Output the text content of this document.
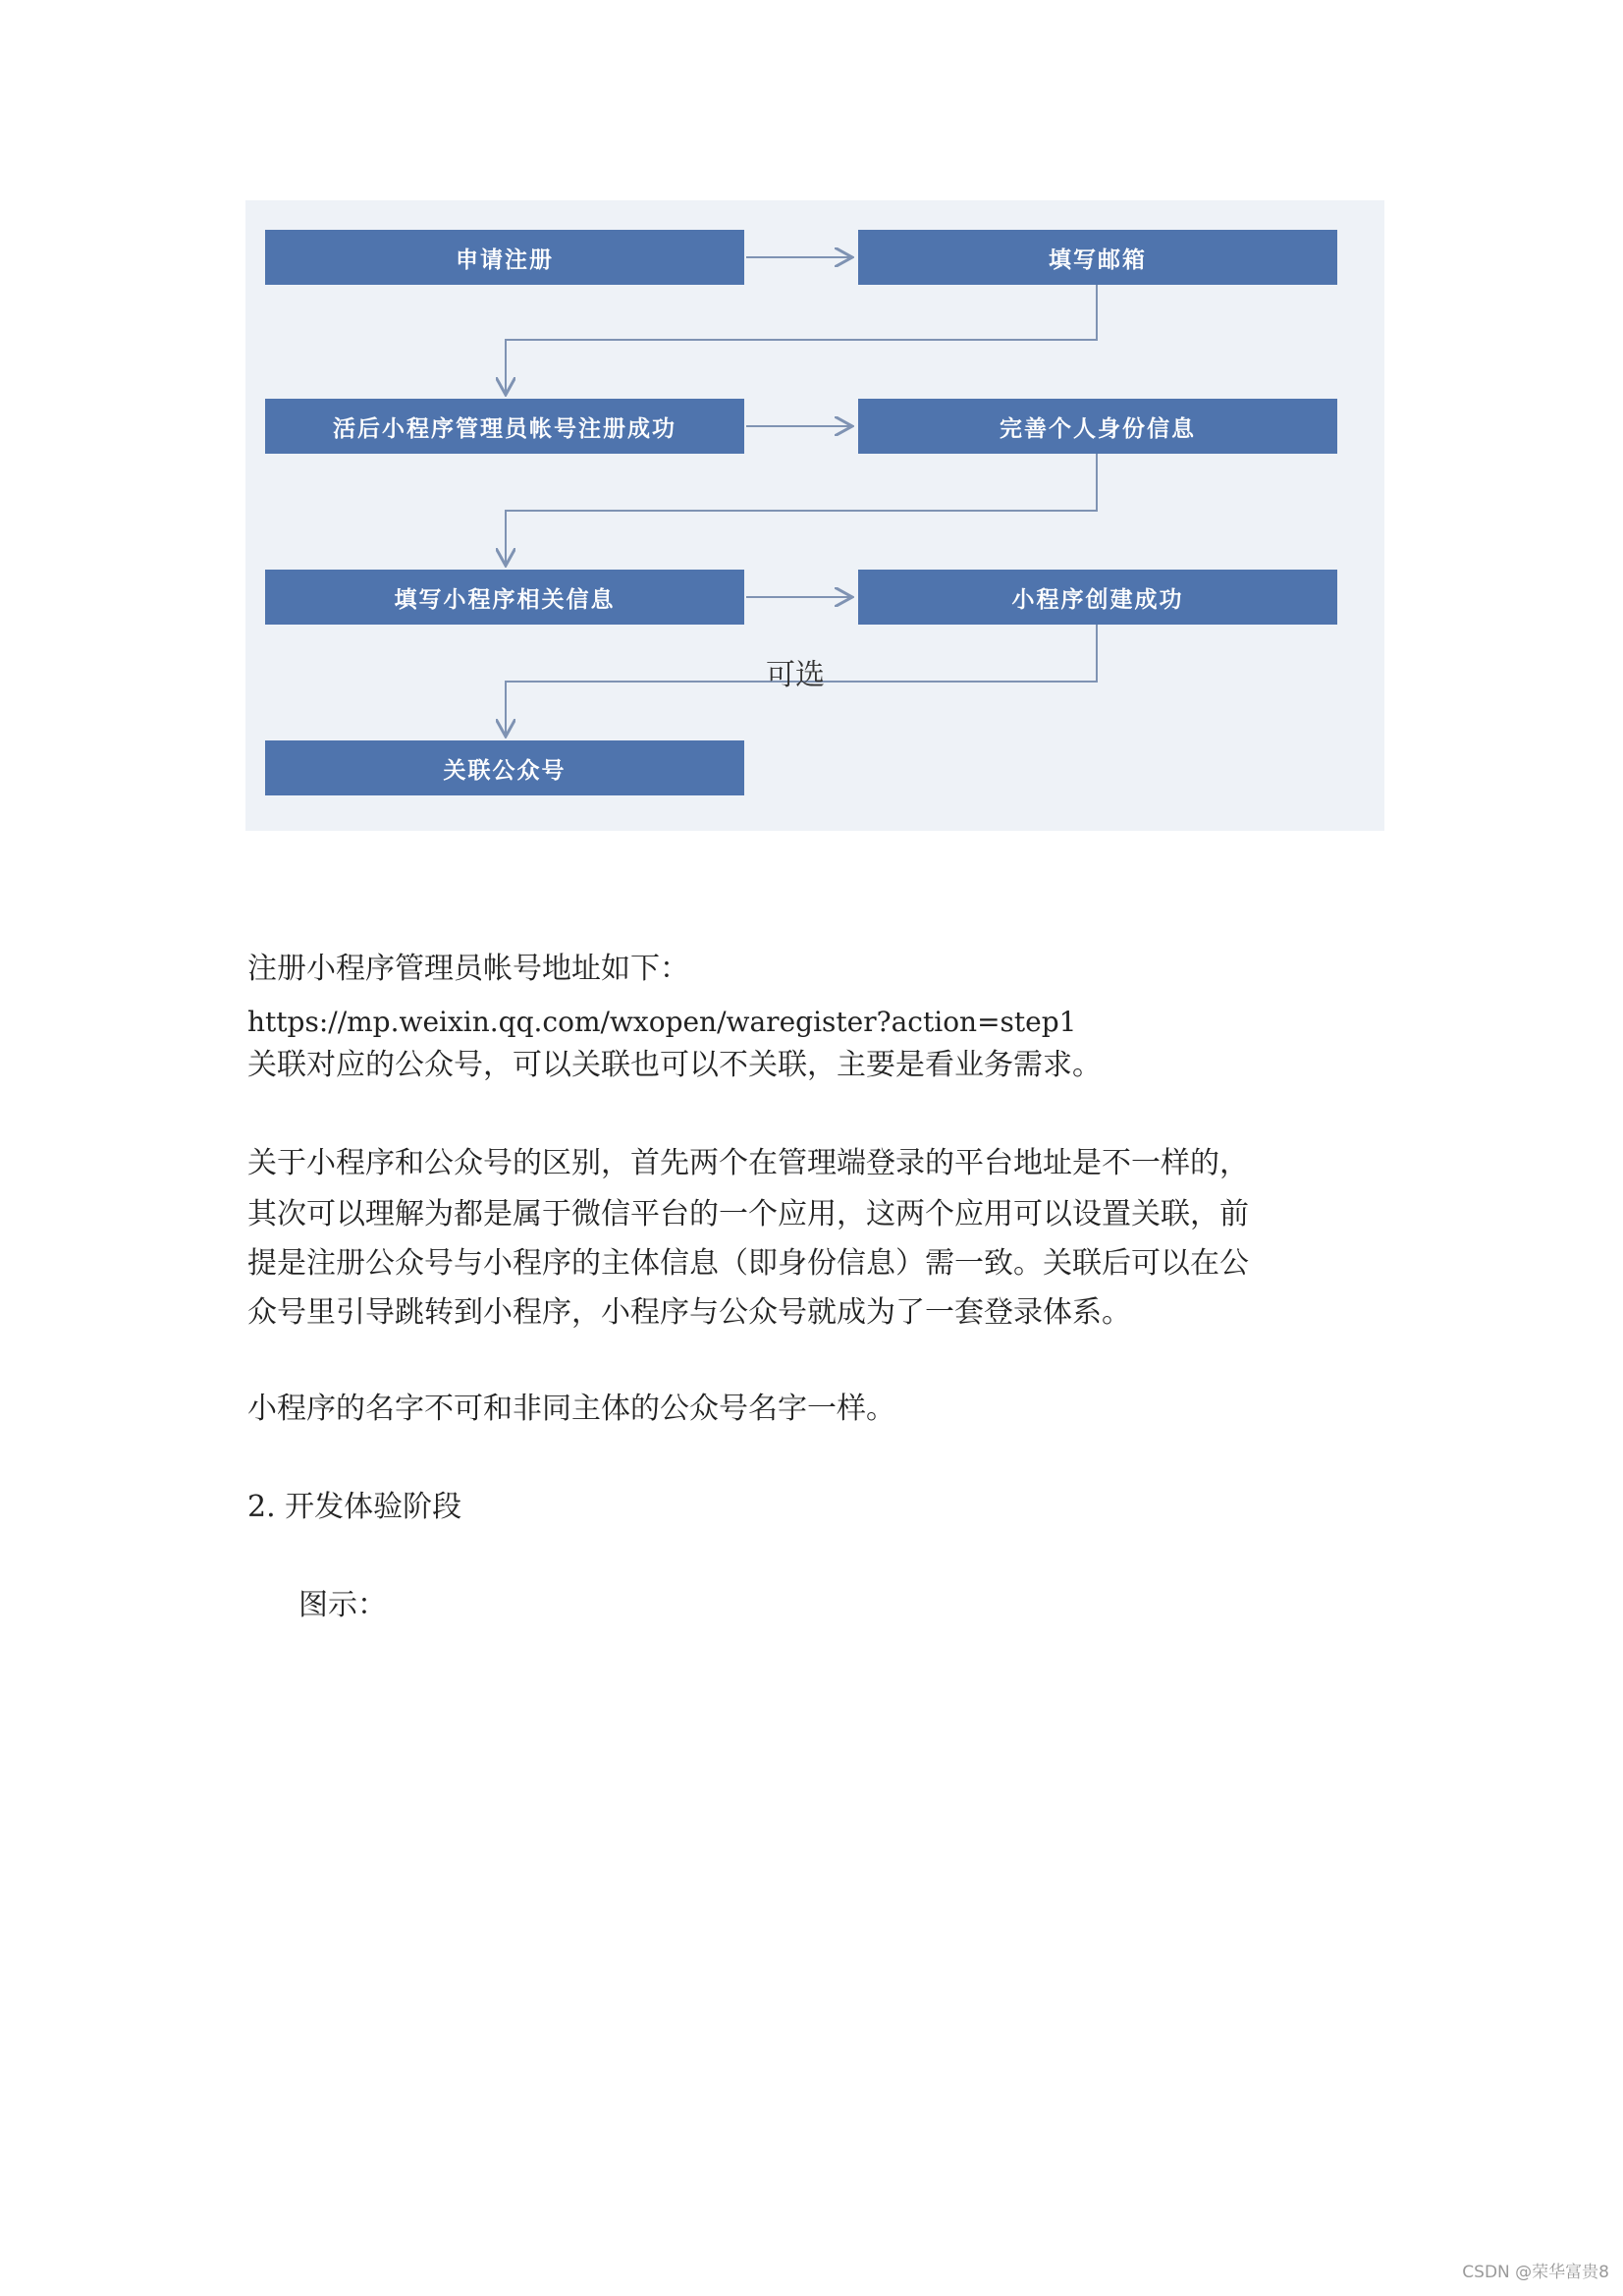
申请注册	填写邮箱
活后小程序管理员帐号注册成功	完善个人身份信息
填写小程序相关信息	小程序创建成功
关联公众号
可选

注册小程序管理员帐号地址如下：

https://mp.weixin.qq.com/wxopen/waregister?action=step1

关联对应的公众号，可以关联也可以不关联，主要是看业务需求。

关于小程序和公众号的区别，首先两个在管理端登录的平台地址是不一样的，

其次可以理解为都是属于微信平台的一个应用，这两个应用可以设置关联，前

提是注册公众号与小程序的主体信息（即身份信息）需一致。关联后可以在公

众号里引导跳转到小程序，小程序与公众号就成为了一套登录体系。

小程序的名字不可和非同主体的公众号名字一样。

2. 开发体验阶段

图示：

CSDN @荣华富贵8
